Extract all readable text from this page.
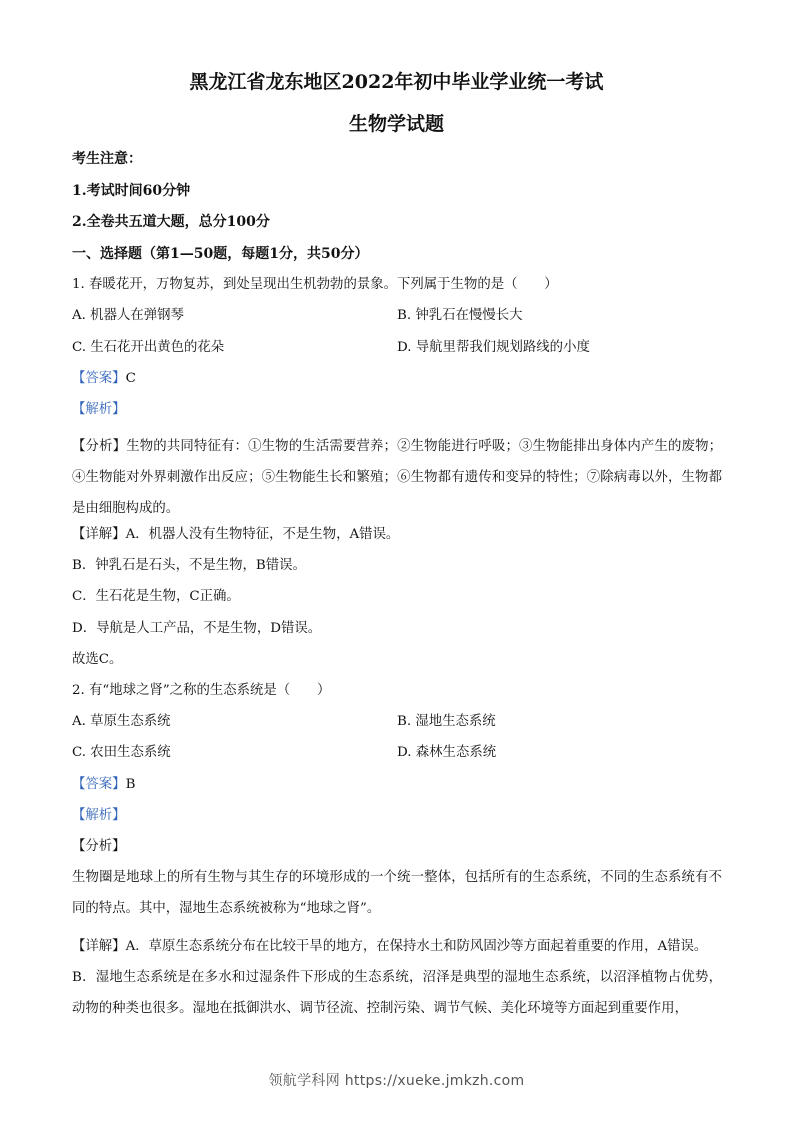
黑龙江省龙东地区2022年初中毕业学业统一考试
生物学试题

考生注意：

1.考试时间60分钟

2.全卷共五道大题，总分100分

一、选择题（第1—50题，每题1分，共50分）

1. 春暖花开，万物复苏，到处呈现出生机勃勃的景象。下列属于生物的是（　　）

A. 机器人在弹钢琴	B. 钟乳石在慢慢长大

C. 生石花开出黄色的花朵	D. 导航里帮我们规划路线的小度

【答案】C

【解析】

【分析】生物的共同特征有：①生物的生活需要营养；②生物能进行呼吸；③生物能排出身体内产生的废物；④生物能对外界刺激作出反应；⑤生物能生长和繁殖；⑥生物都有遗传和变异的特性；⑦除病毒以外，生物都是由细胞构成的。

【详解】A．机器人没有生物特征，不是生物，A错误。

B．钟乳石是石头，不是生物，B错误。

C．生石花是生物，C正确。

D．导航是人工产品，不是生物，D错误。

故选C。

2. 有“地球之肾”之称的生态系统是（　　）

A. 草原生态系统	B. 湿地生态系统

C. 农田生态系统	D. 森林生态系统

【答案】B

【解析】

【分析】

生物圈是地球上的所有生物与其生存的环境形成的一个统一整体，包括所有的生态系统，不同的生态系统有不同的特点。其中，湿地生态系统被称为“地球之肾”。

【详解】A．草原生态系统分布在比较干旱的地方，在保持水土和防风固沙等方面起着重要的作用，A错误。

B．湿地生态系统是在多水和过湿条件下形成的生态系统，沼泽是典型的湿地生态系统，以沼泽植物占优势，动物的种类也很多。湿地在抵御洪水、调节径流、控制污染、调节气候、美化环境等方面起到重要作用，

领航学科网 https://xueke.jmkzh.com
